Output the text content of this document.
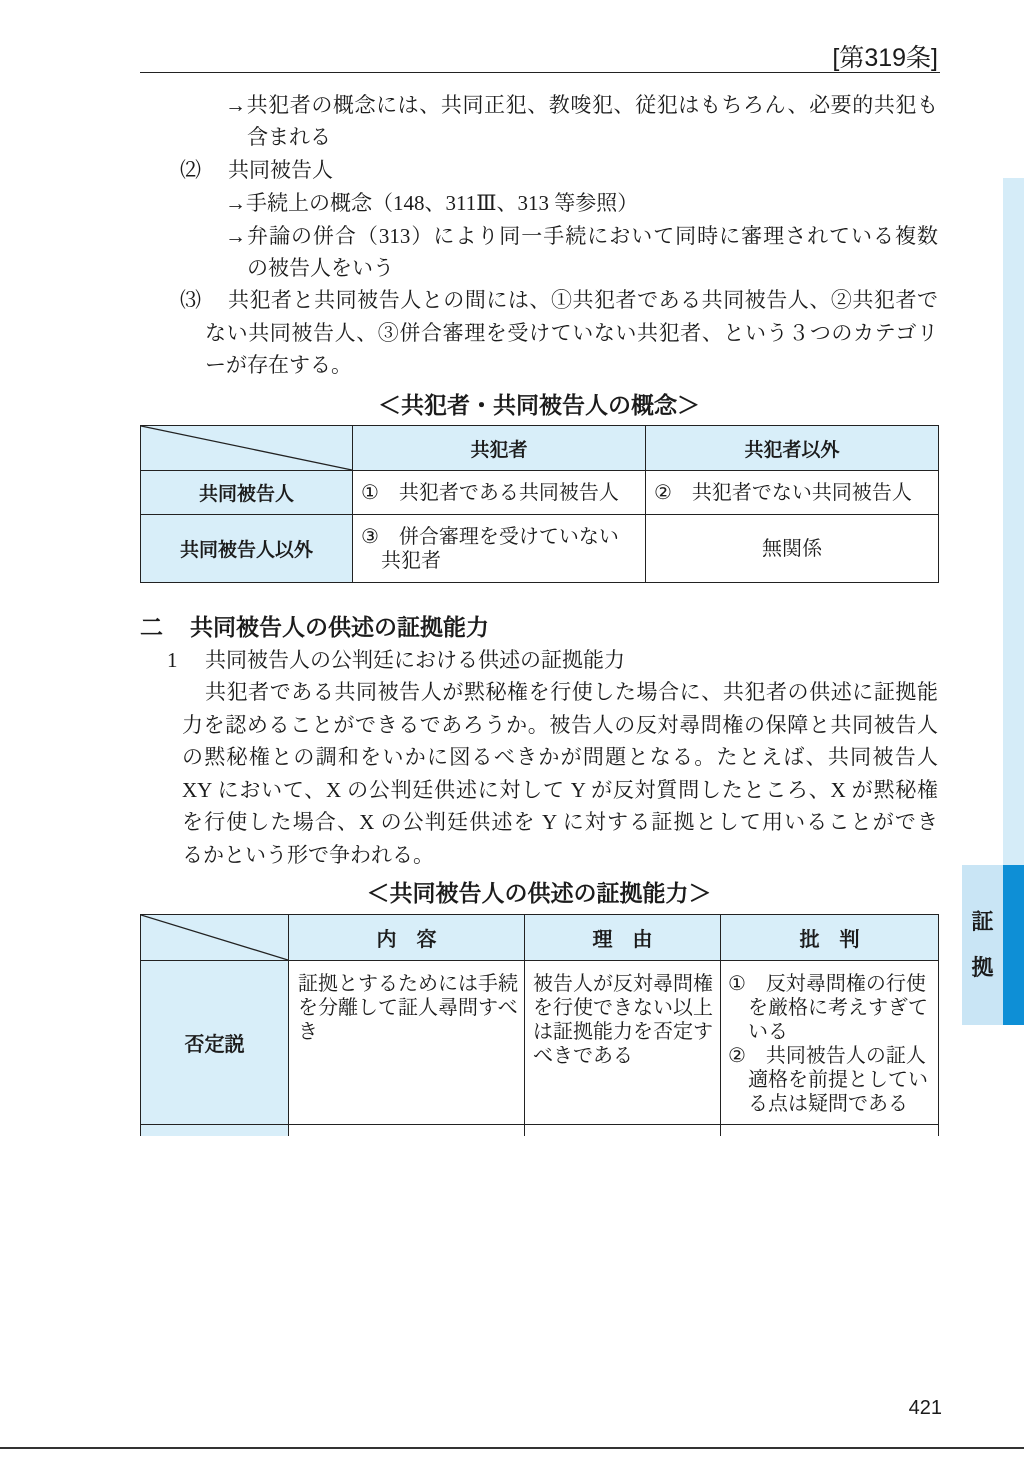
[第319条]
→共犯者の概念には、共同正犯、教唆犯、従犯はもちろん、必要的共犯も
含まれる
⑵ 共同被告人
→手続上の概念（148、311Ⅲ、313 等参照）
→弁論の併合（313）により同一手続において同時に審理されている複数
の被告人をいう
⑶ 共犯者と共同被告人との間には、①共犯者である共同被告人、②共犯者で
ない共同被告人、③併合審理を受けていない共犯者、という３つのカテゴリ
ーが存在する。
＜共犯者・共同被告人の概念＞
	共犯者	共犯者以外
共同被告人	①　共犯者である共同被告人	②　共犯者でない共同被告人

共同被告人以外	③　併合審理を受けていない共犯者	無関係
二 共同被告人の供述の証拠能力
1 共同被告人の公判廷における供述の証拠能力
共犯者である共同被告人が黙秘権を行使した場合に、共犯者の供述に証拠能
力を認めることができるであろうか。被告人の反対尋問権の保障と共同被告人
の黙秘権との調和をいかに図るべきかが問題となる。たとえば、共同被告人
XY において、X の公判廷供述に対して Y が反対質問したところ、X が黙秘権
を行使した場合、X の公判廷供述を Y に対する証拠として用いることができ
るかという形で争われる。
＜共同被告人の供述の証拠能力＞
	内　容	理　由	批　判
否定説	証拠とするためには手続を分離して証人尋問すべき	被告人が反対尋問権を行使できない以上は証拠能力を否定すべきである	①　反対尋問権の行使を厳格に考えすぎている
②　共同被告人の証人適格を前提としている点は疑問である

証
拠
421
